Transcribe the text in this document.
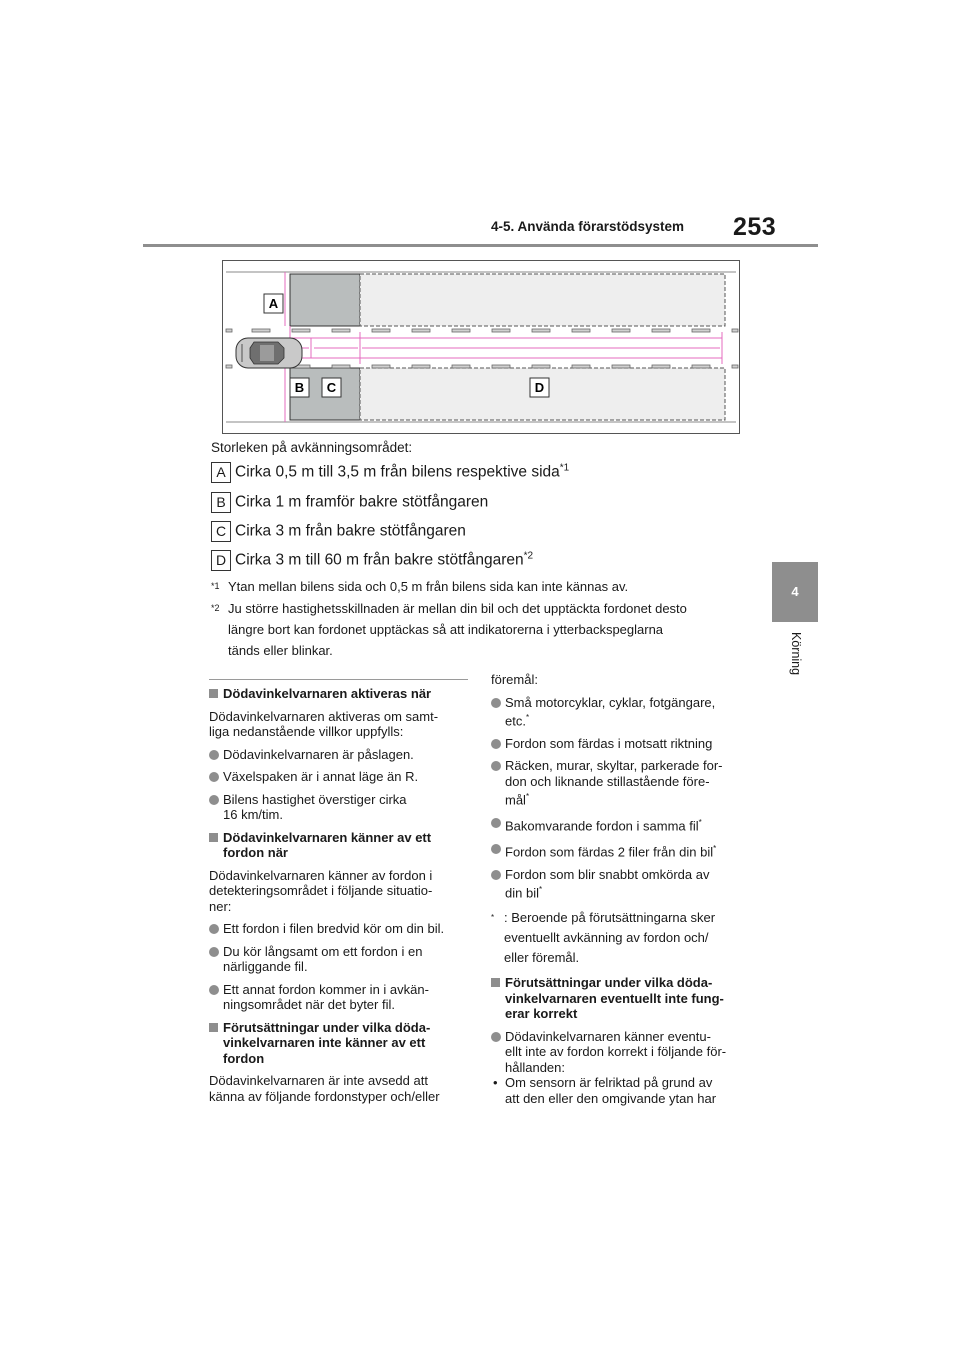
4-5. Använda förarstödsystem 253
4
Körning
A
B C	D
Storleken på avkänningsområdet:
A Cirka 0,5 m till 3,5 m från bilens respektive sida$^{*1}$
B Cirka 1 m framför bakre stötfångaren
C Cirka 3 m från bakre stötfångaren
D Cirka 3 m till 60 m från bakre stötfångaren$^{*2}$
*1 Ytan mellan bilens sida och 0,5 m från bilens sida kan inte kännas av.
*2 Ju större hastighetsskillnaden är mellan din bil och det upptäckta fordonet desto
längre bort kan fordonet upptäckas så att indikatorerna i ytterbackspeglarna
tänds eller blinkar.

Dödavinkelvarnaren aktiveras när

Dödavinkelvarnaren aktiveras om samt-
liga nedanstående villkor uppfylls:

Dödavinkelvarnaren är påslagen.

Växelspaken är i annat läge än R.

Bilens hastighet överstiger cirka
16 km/tim.

Dödavinkelvarnaren känner av ett
fordon när

Dödavinkelvarnaren känner av fordon i
detekteringsområdet i följande situatio-
ner:

Ett fordon i filen bredvid kör om din bil.

Du kör långsamt om ett fordon i en
närliggande fil.

Ett annat fordon kommer in i avkän-
ningsområdet när det byter fil.

Förutsättningar under vilka döda-
vinkelvarnaren inte känner av ett
fordon

Dödavinkelvarnaren är inte avsedd att
känna av följande fordonstyper och/eller

föremål:

Små motorcyklar, cyklar, fotgängare,
etc.*

Fordon som färdas i motsatt riktning

Räcken, murar, skyltar, parkerade for-
don och liknande stillastående före-
mål*

Bakomvarande fordon i samma fil*

Fordon som färdas 2 filer från din bil*

Fordon som blir snabbt omkörda av
din bil*

* : Beroende på förutsättningarna sker
eventuellt avkänning av fordon och/
eller föremål.

Förutsättningar under vilka döda-
vinkelvarnaren eventuellt inte fung-
erar korrekt

Dödavinkelvarnaren känner eventu-
ellt inte av fordon korrekt i följande för-
hållanden:

• Om sensorn är felriktad på grund av
att den eller den omgivande ytan har
